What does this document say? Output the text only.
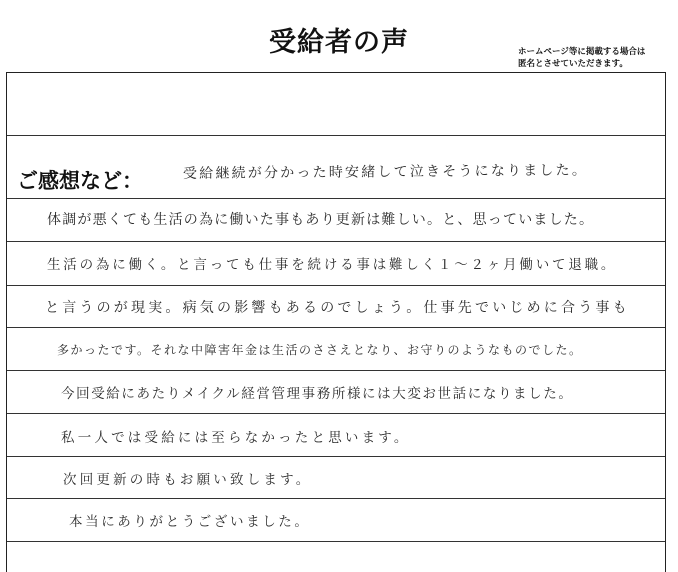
受給者の声	ホームページ等に掲載する場合は
匿名とさせていただきます。
ご感想など：	受給継続が分かった時安緒して泣きそうになりました。
体調が悪くても生活の為に働いた事もあり更新は難しい。と、思っていました。
生活の為に働く。と言っても仕事を続ける事は難しく１～２ヶ月働いて退職。
と言うのが現実。病気の影響もあるのでしょう。仕事先でいじめに合う事も
多かったです。それな中障害年金は生活のささえとなり、お守りのようなものでした。
今回受給にあたりメイクル経営管理事務所様には大変お世話になりました。
私一人では受給には至らなかったと思います。
次回更新の時もお願い致します。
本当にありがとうございました。
